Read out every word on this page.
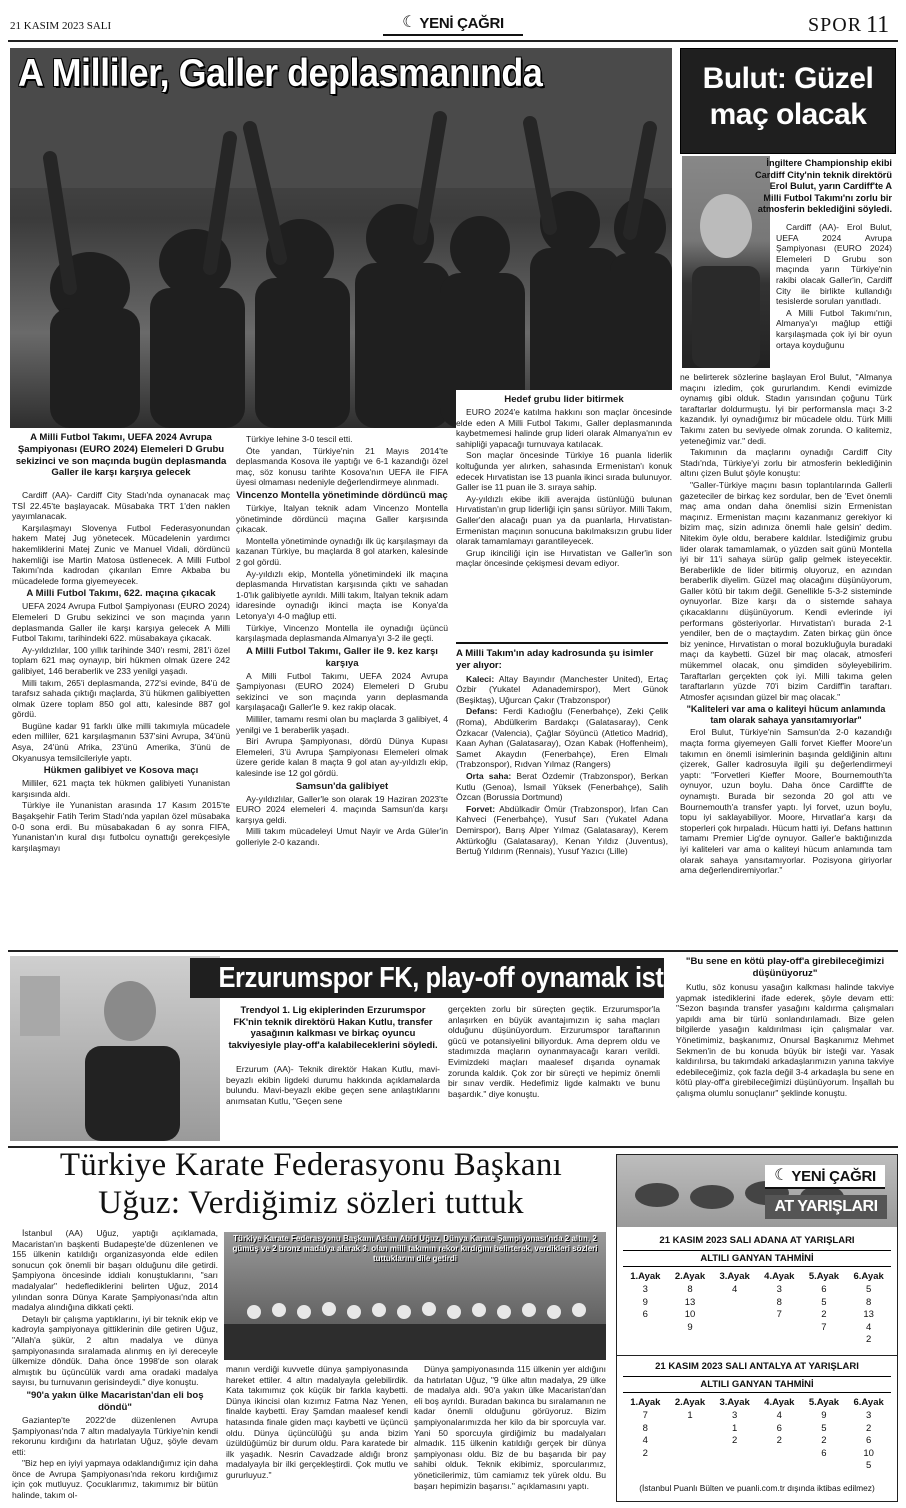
21 KASIM 2023 SALI	☾ YENİ ÇAĞRI	SPOR 11
A Milliler, Galler deplasmanında	Bulut: Güzel
maç olacak
İngiltere Championship ekibi Cardiff City'nin teknik direktörü Erol Bulut, yarın Cardiff'te A Milli Futbol Takımı'nı zorlu bir atmosferin beklediğini söyledi.

Cardiff (AA)- Erol Bulut, UEFA 2024 Avrupa Şampiyonası (EURO 2024) Elemeleri D Grubu son maçında yarın Türkiye'nin rakibi olacak Galler'in, Cardiff City ile birlikte kullandığı tesislerde soruları yanıtladı.

A Milli Futbol Takımı'nın, Almanya'yı mağlup ettiği karşılaşmada çok iyi bir oyun ortaya koyduğunu

ne belirterek sözlerine başlayan Erol Bulut, "Almanya maçını izledim, çok gururlandım. Kendi evimizde oynamış gibi olduk. Stadın yarısından çoğunu Türk taraftarlar doldurmuştu. İyi bir performansla maçı 3-2 kazandık. İyi oynadığımız bir mücadele oldu. Türk Milli Takımı zaten bu seviyede olmak zorunda. O kalitemiz, yeteneğimiz var." dedi.

Takımının da maçlarını oynadığı Cardiff City Stadı'nda, Türkiye'yi zorlu bir atmosferin beklediğinin altını çizen Bulut şöyle konuştu:

"Galler-Türkiye maçını basın toplantılarında Gallerli gazeteciler de birkaç kez sordular, ben de 'Evet önemli maç ama ondan daha önemlisi sizin Ermenistan maçınız. Ermenistan maçını kazanmanız gerekiyor ki bizim maç, sizin adınıza önemli hale gelsin' dedim. Nitekim öyle oldu, berabere kaldılar. İstediğimiz grubu lider olarak tamamlamak, o yüzden sait günü Montella iyi bir 11'i sahaya sürüp galip gelmek isteyecektir. Beraberlikle de lider bitirmiş oluyoruz, en azından beraberlik diyelim. Güzel maç olacağını düşünüyorum, Galler kötü bir takım değil. Genellikle 5-3-2 sisteminde oynuyorlar. Bize karşı da o sistemde sahaya çıkacaklarını düşünüyorum. Kendi evlerinde iyi performans gösteriyorlar. Hırvatistan'ı burada 2-1 yendiler, ben de o maçtaydım. Zaten birkaç gün önce biz yenince, Hırvatistan o moral bozukluğuyla buradaki maçı da kaybetti. Güzel bir maç olacak, atmosferi mükemmel olacak, onu şimdiden söyleyebilirim. Taraftarları gerçekten çok iyi. Milli takıma gelen taraftarların yüzde 70'i bizim Cardiff'in taraftarı. Atmosfer açısından güzel bir maç olacak."

"Kaliteleri var ama o kaliteyi hücum anlamında tam olarak sahaya yansıtamıyorlar"

Erol Bulut, Türkiye'nin Samsun'da 2-0 kazandığı maçta forma giyemeyen Galli forvet Kieffer Moore'un takımın en önemli isimlerinin başında geldiğinin altını çizerek, Galler kadrosuyla ilgili şu değerlendirmeyi yaptı: "Forvetleri Kieffer Moore, Bournemouth'ta oynuyor, uzun boylu. Daha önce Cardiff'te de oynamıştı. Burada bir sezonda 20 gol attı ve Bournemouth'a transfer yaptı. İyi forvet, uzun boylu, topu iyi saklayabiliyor. Moore, Hırvatlar'a karşı da stoperleri çok hırpaladı. Hücum hatti iyi. Defans hattının tamamı Premier Lig'de oynuyor. Galler'e baktığınızda iyi kaliteleri var ama o kaliteyi hücum anlamında tam olarak sahaya yansıtamıyorlar. Pozisyona giriyorlar ama değerlendiremiyorlar."

A Milli Futbol Takımı, UEFA 2024 Avrupa Şampiyonası (EURO 2024) Elemeleri D Grubu sekizinci ve son maçında bugün deplasmanda Galler ile karşı karşıya gelecek

Cardiff (AA)- Cardiff City Stadı'nda oynanacak maç TSİ 22.45'te başlayacak. Müsabaka TRT 1'den naklen yayımlanacak.

Karşılaşmayı Slovenya Futbol Federasyonundan hakem Matej Jug yönetecek. Mücadelenin yardımcı hakemliklerini Matej Zunic ve Manuel Vidali, dördüncü hakemliği ise Martin Matosa üstlenecek. A Milli Futbol Takımı'nda kadrodan çıkarılan Emre Akbaba bu mücadelede forma giyemeyecek.

A Milli Futbol Takımı, 622. maçına çıkacak

UEFA 2024 Avrupa Futbol Şampiyonası (EURO 2024) Elemeleri D Grubu sekizinci ve son maçında yarın deplasmanda Galler ile karşı karşıya gelecek A Milli Futbol Takımı, tarihindeki 622. müsabakaya çıkacak.

Ay-yıldızlılar, 100 yıllık tarihinde 340'ı resmi, 281'i özel toplam 621 maç oynayıp, biri hükmen olmak üzere 242 galibiyet, 146 beraberlik ve 233 yenilgi yaşadı.

Milli takım, 265'i deplasmanda, 272'si evinde, 84'ü de tarafsız sahada çıktığı maçlarda, 3'ü hükmen galibiyetten olmak üzere toplam 850 gol attı, kalesinde 887 gol gördü.

Bugüne kadar 91 farklı ülke milli takımıyla mücadele eden milliler, 621 karşılaşmanın 537'sini Avrupa, 34'ünü Asya, 24'ünü Afrika, 23'ünü Amerika, 3'ünü de Okyanusya temsilcileriyle yaptı.

Hükmen galibiyet ve Kosova maçı

Milliler, 621 maçta tek hükmen galibiyeti Yunanistan karşısında aldı.

Türkiye ile Yunanistan arasında 17 Kasım 2015'te Başakşehir Fatih Terim Stadı'nda yapılan özel müsabaka 0-0 sona erdi. Bu müsabakadan 6 ay sonra FIFA, Yunanistan'ın kural dışı futbolcu oynattığı gerekçesiyle karşılaşmayı

Türkiye lehine 3-0 tescil etti.

Öte yandan, Türkiye'nin 21 Mayıs 2014'te deplasmanda Kosova ile yaptığı ve 6-1 kazandığı özel maç, söz konusu tarihte Kosova'nın UEFA ile FIFA üyesi olmaması nedeniyle değerlendirmeye alınmadı.

Vincenzo Montella yönetiminde dördüncü maç

Türkiye, İtalyan teknik adam Vincenzo Montella yönetiminde dördüncü maçına Galler karşısında çıkacak.

Montella yönetiminde oynadığı ilk üç karşılaşmayı da kazanan Türkiye, bu maçlarda 8 gol atarken, kalesinde 2 gol gördü.

Ay-yıldızlı ekip, Montella yönetimindeki ilk maçına deplasmanda Hırvatistan karşısında çıktı ve sahadan 1-0'lık galibiyetle ayrıldı. Milli takım, İtalyan teknik adam idaresinde oynadığı ikinci maçta ise Konya'da Letonya'yı 4-0 mağlup etti.

Türkiye, Vincenzo Montella ile oynadığı üçüncü karşılaşmada deplasmanda Almanya'yı 3-2 ile geçti.

A Milli Futbol Takımı, Galler ile 9. kez karşı karşıya

A Milli Futbol Takımı, UEFA 2024 Avrupa Şampiyonası (EURO 2024) Elemeleri D Grubu sekizinci ve son maçında yarın deplasmanda karşılaşacağı Galler'le 9. kez rakip olacak.

Milliler, tamamı resmi olan bu maçlarda 3 galibiyet, 4 yenilgi ve 1 beraberlik yaşadı.

Biri Avrupa Şampiyonası, dördü Dünya Kupası Elemeleri, 3'ü Avrupa Şampiyonası Elemeleri olmak üzere geride kalan 8 maçta 9 gol atan ay-yıldızlı ekip, kalesinde ise 12 gol gördü.

Samsun'da galibiyet

Ay-yıldızlılar, Galler'le son olarak 19 Haziran 2023'te EURO 2024 elemeleri 4. maçında Samsun'da karşı karşıya geldi.

Milli takım mücadeleyi Umut Nayir ve Arda Güler'in golleriyle 2-0 kazandı.

Hedef grubu lider bitirmek

EURO 2024'e katılma hakkını son maçlar öncesinde elde eden A Milli Futbol Takımı, Galler deplasmanında kaybetmemesi halinde grup lideri olarak Almanya'nın ev sahipliği yapacağı turnuvaya katılacak.

Son maçlar öncesinde Türkiye 16 puanla liderlik koltuğunda yer alırken, sahasında Ermenistan'ı konuk edecek Hırvatistan ise 13 puanla ikinci sırada bulunuyor. Galler ise 11 puan ile 3. sıraya sahip.

Ay-yıldızlı ekibe ikili averajda üstünlüğü bulunan Hırvatistan'ın grup liderliği için şansı sürüyor. Milli Takım, Galler'den alacağı puan ya da puanlarla, Hırvatistan-Ermenistan maçının sonucuna bakılmaksızın grubu lider olarak tamamlamayı garantileyecek.

Grup ikinciliği için ise Hırvatistan ve Galler'in son maçlar öncesinde çekişmesi devam ediyor.

A Milli Takım'ın aday kadrosunda şu isimler yer alıyor:

Kaleci: Altay Bayındır (Manchester United), Ertaç Özbir (Yukatel Adanademirspor), Mert Günok (Beşiktaş), Uğurcan Çakır (Trabzonspor)

Defans: Ferdi Kadıoğlu (Fenerbahçe), Zeki Çelik (Roma), Abdülkerim Bardakçı (Galatasaray), Cenk Özkacar (Valencia), Çağlar Söyüncü (Atletico Madrid), Kaan Ayhan (Galatasaray), Ozan Kabak (Hoffenheim), Samet Akaydın (Fenerbahçe), Eren Elmalı (Trabzonspor), Rıdvan Yılmaz (Rangers)

Orta saha: Berat Özdemir (Trabzonspor), Berkan Kutlu (Genoa), İsmail Yüksek (Fenerbahçe), Salih Özcan (Borussia Dortmund)

Forvet: Abdülkadir Ömür (Trabzonspor), İrfan Can Kahveci (Fenerbahçe), Yusuf Sarı (Yukatel Adana Demirspor), Barış Alper Yılmaz (Galatasaray), Kerem Aktürkoğlu (Galatasaray), Kenan Yıldız (Juventus), Bertuğ Yıldırım (Rennais), Yusuf Yazıcı (Lille)

Erzurumspor FK, play-off oynamak istiyor
Trendyol 1. Lig ekiplerinden Erzurumspor FK'nin teknik direktörü Hakan Kutlu, transfer yasağının kalkması ve birkaç oyuncu takviyesiyle play-off'a kalabileceklerini söyledi.
Erzurum (AA)- Teknik direktör Hakan Kutlu, mavi-beyazlı ekibin ligdeki durumu hakkında açıklamalarda bulundu. Mavi-beyazlı ekibe geçen sene anlaştıklarını anımsatan Kutlu, "Geçen sene
gerçekten zorlu bir süreçten geçtik. Erzurumspor'la anlaşırken en büyük avantajımızın iç saha maçları olduğunu düşünüyordum. Erzurumspor taraftarının gücü ve potansiyelini biliyorduk. Ama deprem oldu ve stadımızda maçların oynanmayacağı kararı verildi. Evimizdeki maçları maalesef dışarıda oynamak zorunda kaldık. Çok zor bir süreçti ve hepimiz önemli bir sınav verdik. Hedefimiz ligde kalmaktı ve bunu başardık." diye konuştu.
"Bu sene en kötü play-off'a girebileceğimizi düşünüyoruz"
Kutlu, söz konusu yasağın kalkması halinde takviye yapmak istediklerini ifade ederek, şöyle devam etti: "Sezon başında transfer yasağını kaldırma çalışmaları yapıldı ama bir türlü sonlandırılamadı. Bize gelen bilgilerde yasağın kaldırılması için çalışmalar var. Yönetimimiz, başkanımız, Onursal Başkanımız Mehmet Sekmen'in de bu konuda büyük bir isteği var. Yasak kaldırılırsa, bu takımdaki arkadaşlarımızın yanına takviye edebileceğimiz, çok fazla değil 3-4 arkadaşla bu sene en kötü play-off'a girebileceğimizi düşünüyorum. İnşallah bu çalışma olumlu sonuçlanır" şeklinde konuştu.
Türkiye Karate Federasyonu Başkanı
Uğuz: Verdiğimiz sözleri tuttuk

İstanbul (AA) Uğuz, yaptığı açıklamada, Macaristan'ın başkenti Budapeşte'de düzenlenen ve 155 ülkenin katıldığı organizasyonda elde edilen sonucun çok önemli bir başarı olduğunu dile getirdi. Şampiyona öncesinde iddialı konuştuklarını, "sarı madalyalar" hedeflediklerini belirten Uğuz, 2014 yılından sonra Dünya Karate Şampiyonası'nda altın madalya alındığına dikkati çekti.

Detaylı bir çalışma yaptıklarını, iyi bir teknik ekip ve kadroyla şampiyonaya gittiklerinin dile getiren Uğuz, "Allah'a şükür, 2 altın madalya ve dünya şampiyonasında sıralamada alınmış en iyi dereceyle ülkemize döndük. Daha önce 1998'de son olarak almıştık bu üçüncülük vardı ama oradaki madalya sayısı, bu turnuvanın gerisindeydi." diye konuştu.

"90'a yakın ülke Macaristan'dan eli boş döndü"

Gaziantep'te 2022'de düzenlenen Avrupa Şampiyonası'nda 7 altın madalyayla Türkiye'nin kendi rekorunu kırdığını da hatırlatan Uğuz, şöyle devam etti:

"Biz hep en iyiyi yapmaya odaklandığımız için daha önce de Avrupa Şampiyonası'nda rekoru kırdığımız için çok mutluyuz. Çocuklarımız, takımımız bir bütün halinde, takım ol-

Türkiye Karate Federasyonu Başkanı Aslan Abid Uğuz, Dünya Karate Şampiyonası'nda 2 altın, 2 gümüş ve 2 bronz madalya alarak 3. olan milli takımın rekor kırdığını belirterek, verdikleri sözleri tuttuklarını dile getirdi
manın verdiği kuvvetle dünya şampiyonasında hareket ettiler. 4 altın madalyayla gelebilirdik. Kata takımımız çok küçük bir farkla kaybetti. Dünya ikincisi olan kızımız Fatma Naz Yenen, finalde kaybetti. Eray Şamdan maalesef kendi hatasında finale giden maçı kaybetti ve üçüncü oldu. Dünya üçüncülüğü şu anda bizim üzüldüğümüz bir durum oldu. Para karatede bir ilk yaşadık. Nesrin Cavadzade aldığı bronz madalyayla bir ilki gerçekleştirdi. Çok mutlu ve gururluyuz."
Dünya şampiyonasında 115 ülkenin yer aldığını da hatırlatan Uğuz, "9 ülke altın madalya, 29 ülke de madalya aldı. 90'a yakın ülke Macaristan'dan eli boş ayrıldı. Buradan bakınca bu sıralamanın ne kadar önemli olduğunu görüyoruz. Bizim şampiyonalarımızda her kilo da bir sporcuyla var. Yani 50 sporcuyla girdiğimiz bu madalyaları almadık. 115 ülkenin katıldığı gerçek bir dünya şampiyonası oldu. Biz de bu başarıda bir pay sahibi olduk. Teknik ekibimiz, sporcularımız, yöneticilerimiz, tüm camiamız tek yürek oldu. Bu başarı hepimizin başarısı." açıklamasını yaptı.
☾ YENİ ÇAĞRI
AT YARIŞLARI
21 KASIM 2023 SALI ADANA AT YARIŞLARI
ALTILI GANYAN TAHMİNİ
1.Ayak	2.Ayak	3.Ayak	4.Ayak	5.Ayak	6.Ayak
3	8	4	3	6	5
9	13		8	5	8
6	10		7	2	13
	9			7	4
					2
21 KASIM 2023 SALI ANTALYA AT YARIŞLARI
ALTILI GANYAN TAHMİNİ
1.Ayak	2.Ayak	3.Ayak	4.Ayak	5.Ayak	6.Ayak
7	1	3	4	9	3
8		1	6	5	2
4		2	2	2	6
2				6	10
					5
(İstanbul Puanlı Bülten ve puanli.com.tr dışında iktibas edilmez)
